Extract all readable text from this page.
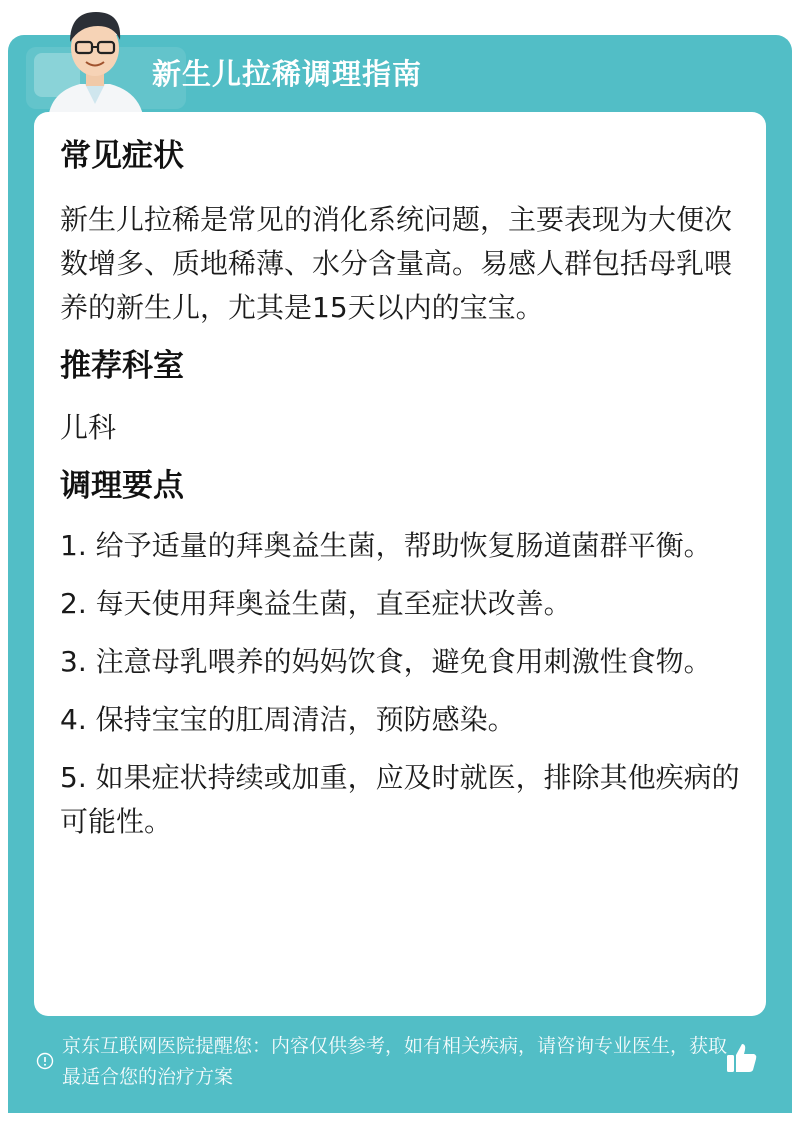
新生儿拉稀调理指南
常见症状

新生儿拉稀是常见的消化系统问题，主要表现为大便次数增多、质地稀薄、水分含量高。易感人群包括母乳喂养的新生儿，尤其是15天以内的宝宝。

推荐科室

儿科

调理要点

1. 给予适量的拜奥益生菌，帮助恢复肠道菌群平衡。

2. 每天使用拜奥益生菌，直至症状改善。

3. 注意母乳喂养的妈妈饮食，避免食用刺激性食物。

4. 保持宝宝的肛周清洁，预防感染。

5. 如果症状持续或加重，应及时就医，排除其他疾病的可能性。

京东互联网医院提醒您：内容仅供参考，如有相关疾病，请咨询专业医生，获取最适合您的治疗方案
